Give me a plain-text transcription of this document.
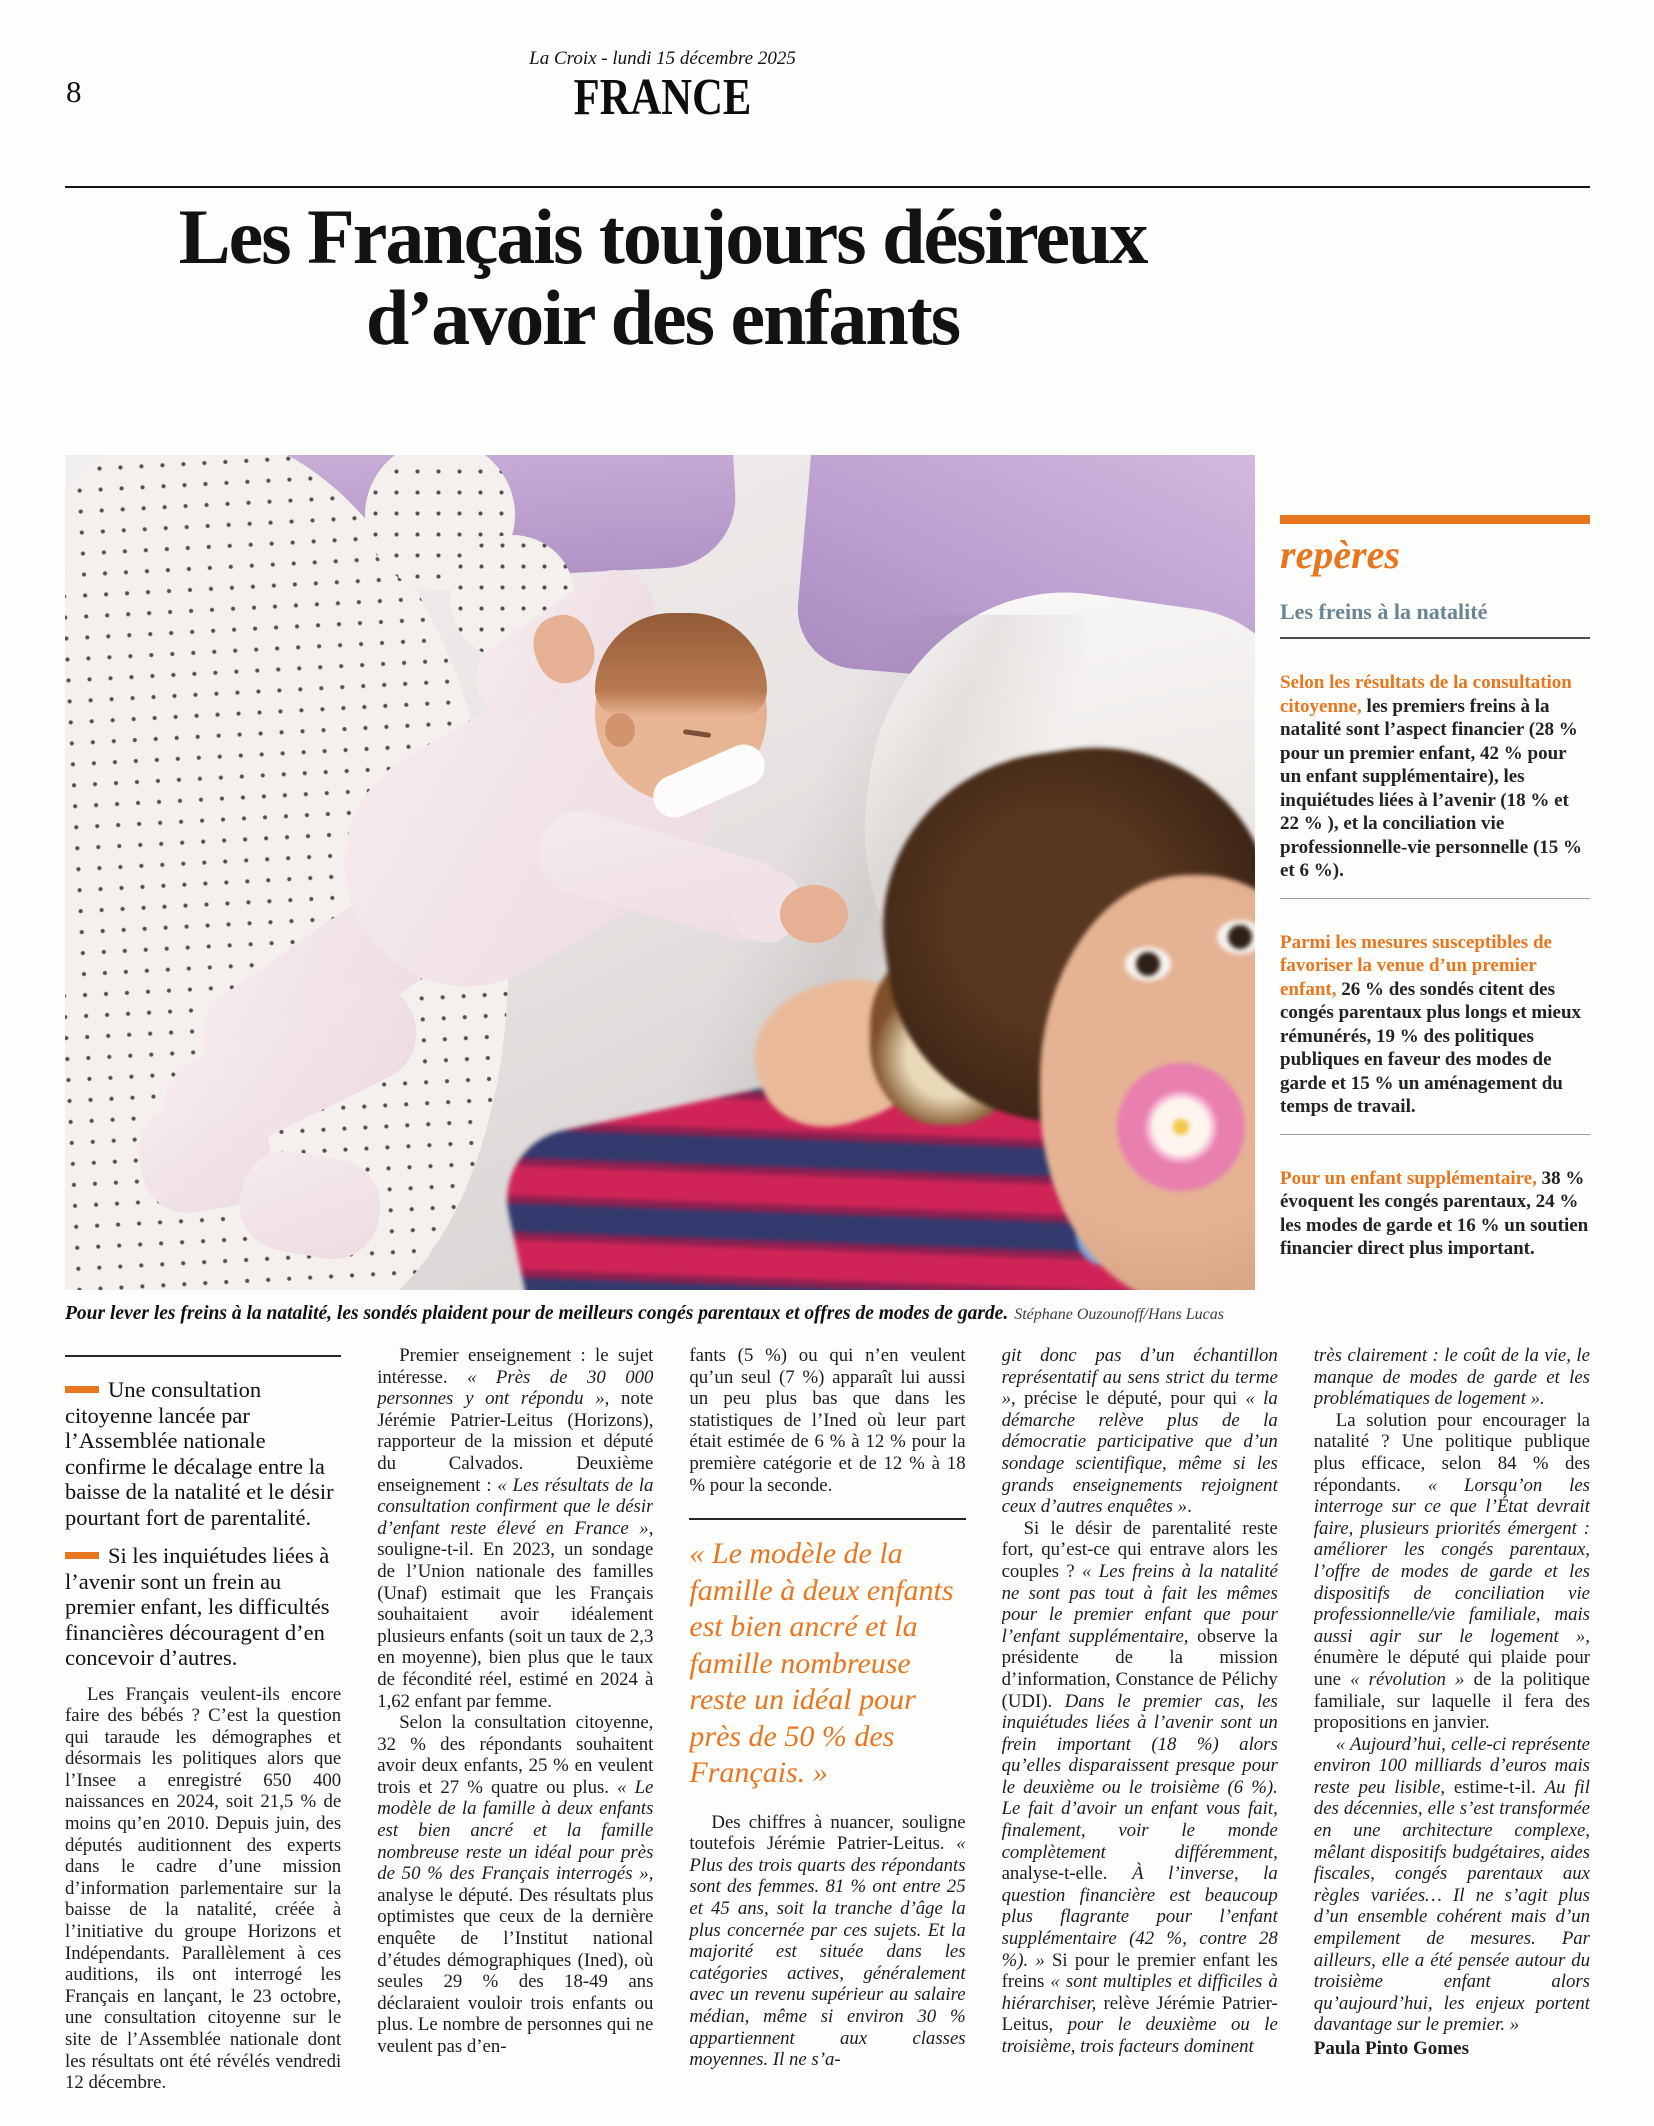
La Croix - lundi 15 décembre 2025
8	FRANCE
Les Français toujours désireux
d’avoir des enfants
Pour lever les freins à la natalité, les sondés plaident pour de meilleurs congés parentaux et offres de modes de garde. Stéphane Ouzounoff/Hans Lucas
repères
Les freins à la natalité

Selon les résultats de la consultation citoyenne, les premiers freins à la natalité sont l’aspect financier (28 % pour un premier enfant, 42 % pour un enfant supplémentaire), les inquiétudes liées à l’avenir (18 % et 22 % ), et la conciliation vie professionnelle-vie personnelle (15 % et 6 %).

Parmi les mesures susceptibles de favoriser la venue d’un premier enfant, 26 % des sondés citent des congés parentaux plus longs et mieux rémunérés, 19 % des politiques publiques en faveur des modes de garde et 15 % un aménagement du temps de travail.

Pour un enfant supplémentaire, 38 % évoquent les congés parentaux, 24 % les modes de garde et 16 % un soutien financier direct plus important.

Une consultation citoyenne lancée par l’Assemblée nationale confirme le décalage entre la baisse de la natalité et le désir pourtant fort de parentalité.

Si les inquiétudes liées à l’avenir sont un frein au premier enfant, les difficultés financières découragent d’en concevoir d’autres.

Les Français veulent-ils encore faire des bébés ? C’est la question qui taraude les démographes et désormais les politiques alors que l’Insee a enregistré 650 400 naissances en 2024, soit 21,5 % de moins qu’en 2010. Depuis juin, des députés auditionnent des experts dans le cadre d’une mission d’information parlementaire sur la baisse de la natalité, créée à l’initiative du groupe Horizons et Indépendants. Parallèlement à ces auditions, ils ont interrogé les Français en lançant, le 23 octobre, une consultation citoyenne sur le site de l’Assemblée nationale dont les résultats ont été révélés vendredi 12 décembre.

Premier enseignement : le sujet intéresse. « Près de 30 000 personnes y ont répondu », note Jérémie Patrier-Leitus (Horizons), rapporteur de la mission et député du Calvados. Deuxième enseignement : « Les résultats de la consultation confirment que le désir d’enfant reste élevé en France », souligne-t-il. En 2023, un sondage de l’Union nationale des familles (Unaf) estimait que les Français souhaitaient avoir idéalement plusieurs enfants (soit un taux de 2,3 en moyenne), bien plus que le taux de fécondité réel, estimé en 2024 à 1,62 enfant par femme.

Selon la consultation citoyenne, 32 % des répondants souhaitent avoir deux enfants, 25 % en veulent trois et 27 % quatre ou plus. « Le modèle de la famille à deux enfants est bien ancré et la famille nombreuse reste un idéal pour près de 50 % des Français interrogés », analyse le député. Des résultats plus optimistes que ceux de la dernière enquête de l’Institut national d’études démographiques (Ined), où seules 29 % des 18-49 ans déclaraient vouloir trois enfants ou plus. Le nombre de personnes qui ne veulent pas d’en-

fants (5 %) ou qui n’en veulent qu’un seul (7 %) apparaît lui aussi un peu plus bas que dans les statistiques de l’Ined où leur part était estimée de 6 % à 12 % pour la première catégorie et de 12 % à 18 % pour la seconde.

« Le modèle de la famille à deux enfants est bien ancré et la famille nombreuse reste un idéal pour près de 50 % des Français. »

Des chiffres à nuancer, souligne toutefois Jérémie Patrier-Leitus. « Plus des trois quarts des répondants sont des femmes. 81 % ont entre 25 et 45 ans, soit la tranche d’âge la plus concernée par ces sujets. Et la majorité est située dans les catégories actives, généralement avec un revenu supérieur au salaire médian, même si environ 30 % appartiennent aux classes moyennes. Il ne s’a-

git donc pas d’un échantillon représentatif au sens strict du terme », précise le député, pour qui « la démarche relève plus de la démocratie participative que d’un sondage scientifique, même si les grands enseignements rejoignent ceux d’autres enquêtes ».

Si le désir de parentalité reste fort, qu’est-ce qui entrave alors les couples ? « Les freins à la natalité ne sont pas tout à fait les mêmes pour le premier enfant que pour l’enfant supplémentaire, observe la présidente de la mission d’information, Constance de Pélichy (UDI). Dans le premier cas, les inquiétudes liées à l’avenir sont un frein important (18 %) alors qu’elles disparaissent presque pour le deuxième ou le troisième (6 %). Le fait d’avoir un enfant vous fait, finalement, voir le monde complètement différemment, analyse-t-elle. À l’inverse, la question financière est beaucoup plus flagrante pour l’enfant supplémentaire (42 %, contre 28 %). » Si pour le premier enfant les freins « sont multiples et difficiles à hiérarchiser, relève Jérémie Patrier-Leitus, pour le deuxième ou le troisième, trois facteurs dominent

très clairement : le coût de la vie, le manque de modes de garde et les problématiques de logement ».

La solution pour encourager la natalité ? Une politique publique plus efficace, selon 84 % des répondants. « Lorsqu’on les interroge sur ce que l’État devrait faire, plusieurs priorités émergent : améliorer les congés parentaux, l’offre de modes de garde et les dispositifs de conciliation vie professionnelle/vie familiale, mais aussi agir sur le logement », énumère le député qui plaide pour une « révolution » de la politique familiale, sur laquelle il fera des propositions en janvier.

« Aujourd’hui, celle-ci représente environ 100 milliards d’euros mais reste peu lisible, estime-t-il. Au fil des décennies, elle s’est transformée en une architecture complexe, mêlant dispositifs budgétaires, aides fiscales, congés parentaux aux règles variées… Il ne s’agit plus d’un ensemble cohérent mais d’un empilement de mesures. Par ailleurs, elle a été pensée autour du troisième enfant alors qu’aujourd’hui, les enjeux portent davantage sur le premier. »

Paula Pinto Gomes
